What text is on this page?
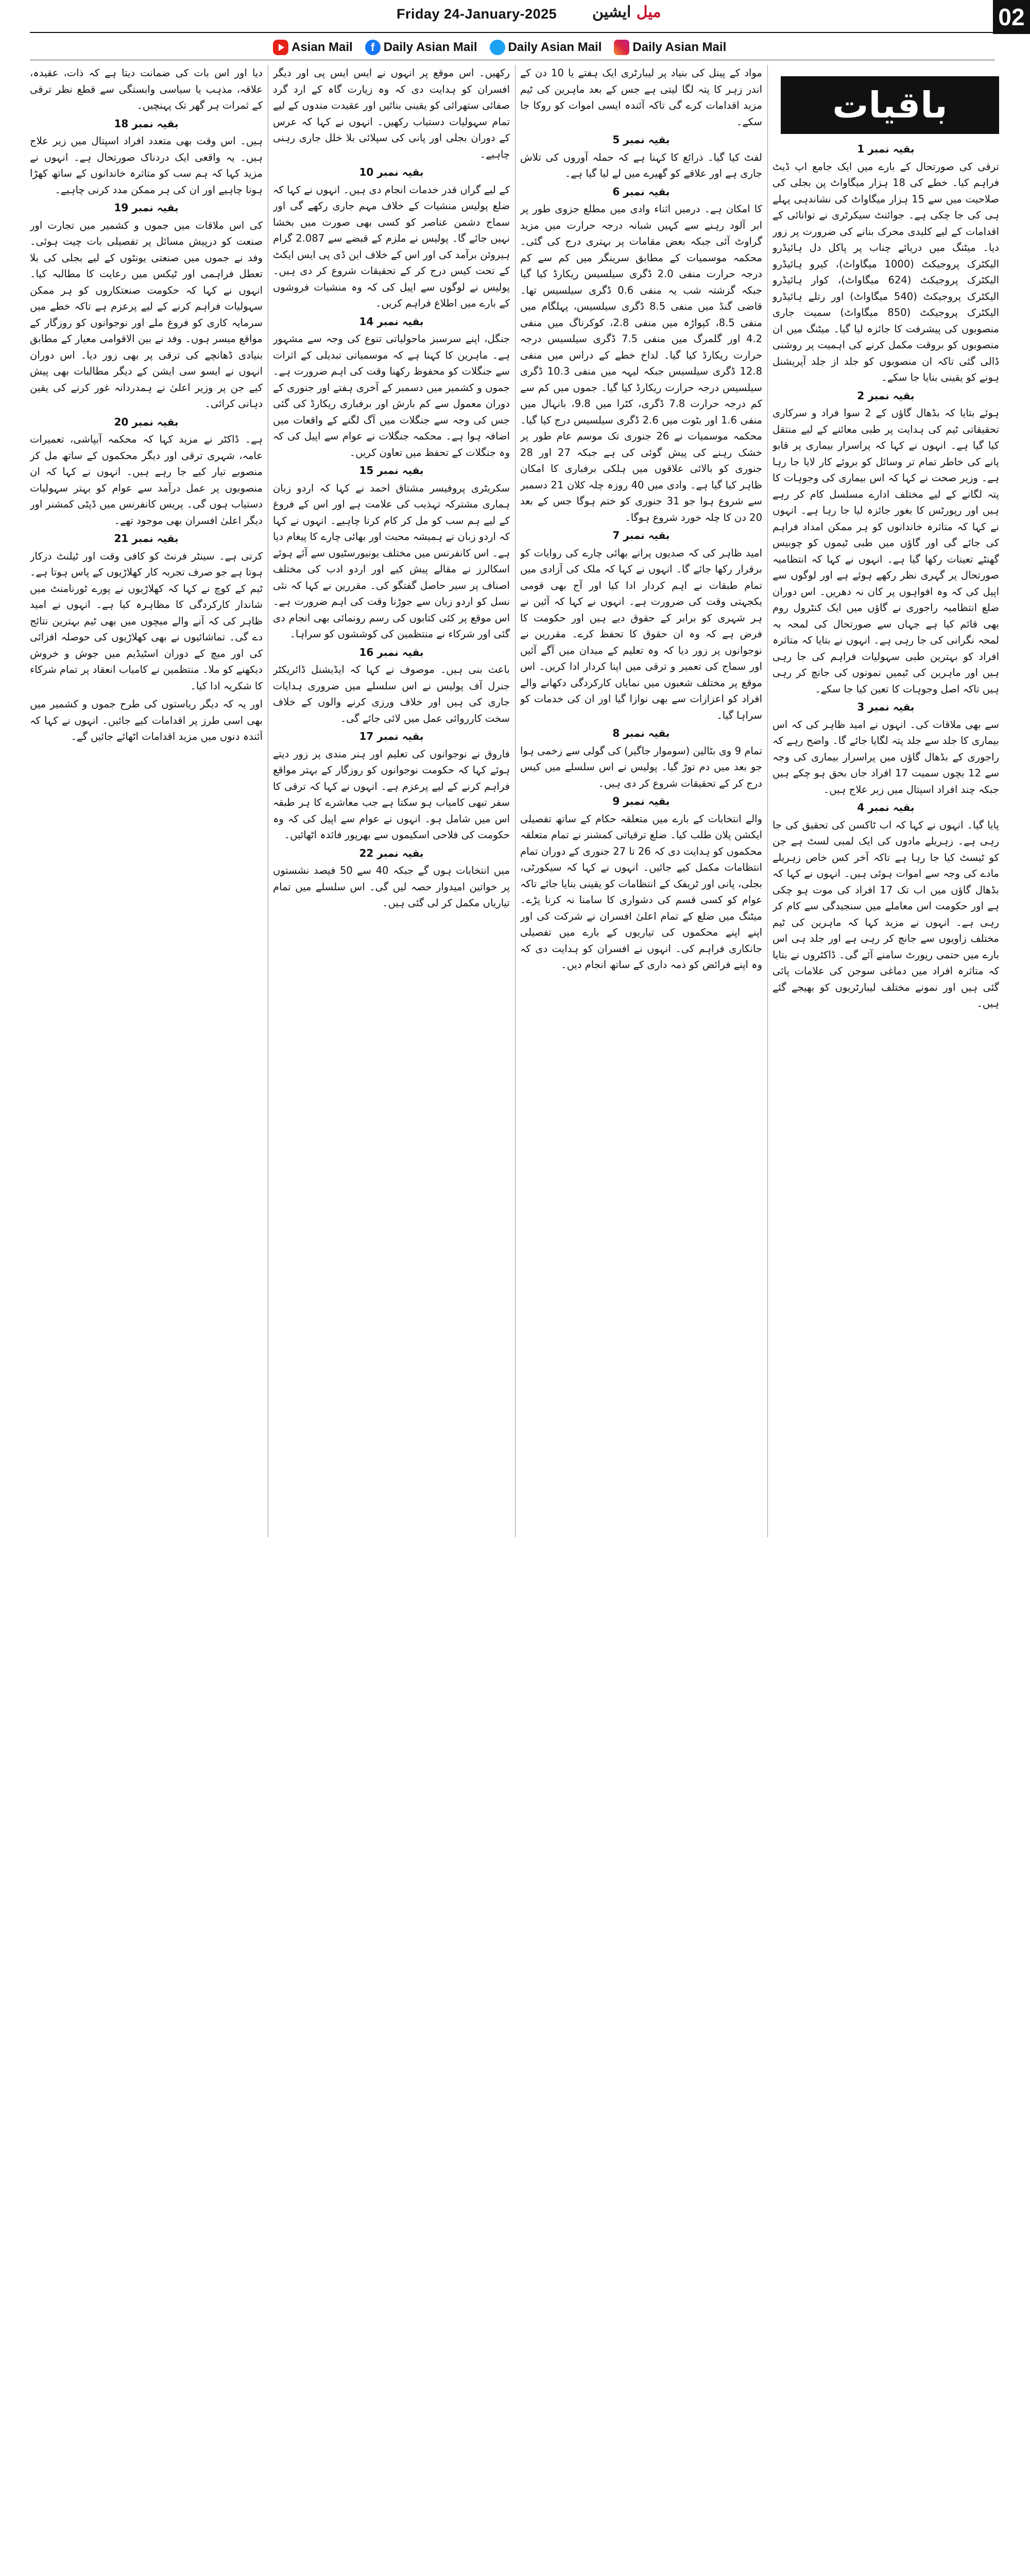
Friday 24-January-2025	میل ایشین	02
Asian Mail	f Daily Asian Mail	Daily Asian Mail	Daily Asian Mail
بقیہ نمبر 1

ترقی کی صورتحال کے بارے میں ایک جامع اپ ڈیٹ فراہم کیا۔ خطے کی 18 ہزار میگاواٹ پن بجلی کی صلاحیت میں سے 15 ہزار میگاواٹ کی نشاندہی پہلے ہی کی جا چکی ہے۔ جوائنٹ سیکرٹری نے توانائی کے اقدامات کے لیے کلیدی محرک بنانے کی ضرورت پر زور دیا۔ میٹنگ میں دریائے چناب پر پاکل دل ہائیڈرو الیکٹرک پروجیکٹ (1000 میگاواٹ)، کیرو ہائیڈرو الیکٹرک پروجیکٹ (624 میگاواٹ)، کوار ہائیڈرو الیکٹرک پروجیکٹ (540 میگاواٹ) اور رتلے ہائیڈرو الیکٹرک پروجیکٹ (850 میگاواٹ) سمیت جاری منصوبوں کی پیشرفت کا جائزہ لیا گیا۔ میٹنگ میں ان منصوبوں کو بروقت مکمل کرنے کی اہمیت پر روشنی ڈالی گئی تاکہ ان منصوبوں کو جلد از جلد آپریشنل ہونے کو یقینی بنایا جا سکے۔

بقیہ نمبر 2

ہوئے بتایا کہ بڈھال گاؤں کے 2 سوا فراد و سرکاری تحقیقاتی ٹیم کی ہدایت پر طبی معائنے کے لیے منتقل کیا گیا ہے۔ انہوں نے کہا کہ پراسرار بیماری پر قابو پانے کی خاطر تمام تر وسائل کو بروئے کار لایا جا رہا ہے۔ وزیر صحت نے کہا کہ اس بیماری کی وجوہات کا پتہ لگانے کے لیے مختلف ادارے مسلسل کام کر رہے ہیں اور رپورٹس کا بغور جائزہ لیا جا رہا ہے۔ انہوں نے کہا کہ متاثرہ خاندانوں کو ہر ممکن امداد فراہم کی جائے گی اور گاؤں میں طبی ٹیموں کو چوبیس گھنٹے تعینات رکھا گیا ہے۔ انہوں نے کہا کہ انتظامیہ صورتحال پر گہری نظر رکھے ہوئے ہے اور لوگوں سے اپیل کی کہ وہ افواہوں پر کان نہ دھریں۔ اس دوران ضلع انتظامیہ راجوری نے گاؤں میں ایک کنٹرول روم بھی قائم کیا ہے جہاں سے صورتحال کی لمحہ بہ لمحہ نگرانی کی جا رہی ہے۔ انہوں نے بتایا کہ متاثرہ افراد کو بہترین طبی سہولیات فراہم کی جا رہی ہیں اور ماہرین کی ٹیمیں نمونوں کی جانچ کر رہی ہیں تاکہ اصل وجوہات کا تعین کیا جا سکے۔

بقیہ نمبر 3

سے بھی ملاقات کی۔ انہوں نے امید ظاہر کی کہ اس بیماری کا جلد سے جلد پتہ لگایا جائے گا۔ واضح رہے کہ راجوری کے بڈھال گاؤں میں پراسرار بیماری کی وجہ سے 12 بچوں سمیت 17 افراد جاں بحق ہو چکے ہیں جبکہ چند افراد اسپتال میں زیر علاج ہیں۔

بقیہ نمبر 4

پایا گیا۔ انہوں نے کہا کہ اب ٹاکسن کی تحقیق کی جا رہی ہے۔ زہریلے مادوں کی ایک لمبی لسٹ ہے جن کو ٹیسٹ کیا جا رہا ہے تاکہ آخر کس خاص زہریلے مادے کی وجہ سے اموات ہوئی ہیں۔ انہوں نے کہا کہ بڈھال گاؤں میں اب تک 17 افراد کی موت ہو چکی ہے اور حکومت اس معاملے میں سنجیدگی سے کام کر رہی ہے۔ انہوں نے مزید کہا کہ ماہرین کی ٹیم مختلف زاویوں سے جانچ کر رہی ہے اور جلد ہی اس بارے میں حتمی رپورٹ سامنے آئے گی۔ ڈاکٹروں نے بتایا کہ متاثرہ افراد میں دماغی سوجن کی علامات پائی گئی ہیں اور نمونے مختلف لیبارٹریوں کو بھیجے گئے ہیں۔

مواد کے پینل کی بنیاد پر لیبارٹری ایک ہفتے یا 10 دن کے اندر زہر کا پتہ لگا لیتی ہے جس کے بعد ماہرین کی ٹیم مزید اقدامات کرے گی تاکہ آئندہ ایسی اموات کو روکا جا سکے۔

بقیہ نمبر 5

لفٹ کیا گیا۔ ذرائع کا کہنا ہے کہ حملہ آوروں کی تلاش جاری ہے اور علاقے کو گھیرے میں لے لیا گیا ہے۔

بقیہ نمبر 6

کا امکان ہے۔ درمیں اثناء وادی میں مطلع جزوی طور پر ابر آلود رہنے سے کہیں شبانہ درجہ حرارت میں مزید گراوٹ آئی جبکہ بعض مقامات پر بہتری درج کی گئی۔ محکمہ موسمیات کے مطابق سرینگر میں کم سے کم درجہ حرارت منفی 2.0 ڈگری سیلسیس ریکارڈ کیا گیا جبکہ گزشتہ شب یہ منفی 0.6 ڈگری سیلسیس تھا۔ قاضی گنڈ میں منفی 8.5 ڈگری سیلسیس، پہلگام میں منفی 8.5، کپواڑہ میں منفی 2.8، کوکرناگ میں منفی 4.2 اور گلمرگ میں منفی 7.5 ڈگری سیلسیس درجہ حرارت ریکارڈ کیا گیا۔ لداخ خطے کے دراس میں منفی 12.8 ڈگری سیلسیس جبکہ لیہہ میں منفی 10.3 ڈگری سیلسیس درجہ حرارت ریکارڈ کیا گیا۔ جموں میں کم سے کم درجہ حرارت 7.8 ڈگری، کٹرا میں 9.8، بانہال میں منفی 1.6 اور بٹوت میں 2.6 ڈگری سیلسیس درج کیا گیا۔ محکمہ موسمیات نے 26 جنوری تک موسم عام طور پر خشک رہنے کی پیش گوئی کی ہے جبکہ 27 اور 28 جنوری کو بالائی علاقوں میں ہلکی برفباری کا امکان ظاہر کیا گیا ہے۔ وادی میں 40 روزہ چلہ کلان 21 دسمبر سے شروع ہوا جو 31 جنوری کو ختم ہوگا جس کے بعد 20 دن کا چلہ خورد شروع ہوگا۔

بقیہ نمبر 7

امید ظاہر کی کہ صدیوں پرانے بھائی چارے کی روایات کو برقرار رکھا جائے گا۔ انہوں نے کہا کہ ملک کی آزادی میں تمام طبقات نے اہم کردار ادا کیا اور آج بھی قومی یکجہتی وقت کی ضرورت ہے۔ انہوں نے کہا کہ آئین نے ہر شہری کو برابر کے حقوق دیے ہیں اور حکومت کا فرض ہے کہ وہ ان حقوق کا تحفظ کرے۔ مقررین نے نوجوانوں پر زور دیا کہ وہ تعلیم کے میدان میں آگے آئیں اور سماج کی تعمیر و ترقی میں اپنا کردار ادا کریں۔ اس موقع پر مختلف شعبوں میں نمایاں کارکردگی دکھانے والے افراد کو اعزازات سے بھی نوازا گیا اور ان کی خدمات کو سراہا گیا۔

بقیہ نمبر 8

تمام 9 وی بٹالین (سوموار جاگیر) کی گولی سے زخمی ہوا جو بعد میں دم توڑ گیا۔ پولیس نے اس سلسلے میں کیس درج کر کے تحقیقات شروع کر دی ہیں۔

بقیہ نمبر 9

والے انتخابات کے بارے میں متعلقہ حکام کے ساتھ تفصیلی ایکشن پلان طلب کیا۔ ضلع ترقیاتی کمشنر نے تمام متعلقہ محکموں کو ہدایت دی کہ 26 تا 27 جنوری کے دوران تمام انتظامات مکمل کیے جائیں۔ انہوں نے کہا کہ سیکورٹی، بجلی، پانی اور ٹریفک کے انتظامات کو یقینی بنایا جائے تاکہ عوام کو کسی قسم کی دشواری کا سامنا نہ کرنا پڑے۔ میٹنگ میں ضلع کے تمام اعلیٰ افسران نے شرکت کی اور اپنے اپنے محکموں کی تیاریوں کے بارے میں تفصیلی جانکاری فراہم کی۔ انہوں نے افسران کو ہدایت دی کہ وہ اپنے فرائض کو ذمہ داری کے ساتھ انجام دیں۔

رکھیں۔ اس موقع پر انہوں نے ایس ایس پی اور دیگر افسران کو ہدایت دی کہ وہ زیارت گاہ کے ارد گرد صفائی ستھرائی کو یقینی بنائیں اور عقیدت مندوں کے لیے تمام سہولیات دستیاب رکھیں۔ انہوں نے کہا کہ عرس کے دوران بجلی اور پانی کی سپلائی بلا خلل جاری رہنی چاہیے۔

بقیہ نمبر 10

کے لیے گراں قدر خدمات انجام دی ہیں۔ انہوں نے کہا کہ ضلع پولیس منشیات کے خلاف مہم جاری رکھے گی اور سماج دشمن عناصر کو کسی بھی صورت میں بخشا نہیں جائے گا۔ پولیس نے ملزم کے قبضے سے 2.087 گرام ہیروئن برآمد کی اور اس کے خلاف این ڈی پی ایس ایکٹ کے تحت کیس درج کر کے تحقیقات شروع کر دی ہیں۔ پولیس نے لوگوں سے اپیل کی کہ وہ منشیات فروشوں کے بارے میں اطلاع فراہم کریں۔

بقیہ نمبر 14

جنگل، اپنے سرسبز ماحولیاتی تنوع کی وجہ سے مشہور ہے۔ ماہرین کا کہنا ہے کہ موسمیاتی تبدیلی کے اثرات سے جنگلات کو محفوظ رکھنا وقت کی اہم ضرورت ہے۔ جموں و کشمیر میں دسمبر کے آخری ہفتے اور جنوری کے دوران معمول سے کم بارش اور برفباری ریکارڈ کی گئی جس کی وجہ سے جنگلات میں آگ لگنے کے واقعات میں اضافہ ہوا ہے۔ محکمہ جنگلات نے عوام سے اپیل کی کہ وہ جنگلات کے تحفظ میں تعاون کریں۔

بقیہ نمبر 15

سکریٹری پروفیسر مشتاق احمد نے کہا کہ اردو زبان ہماری مشترکہ تہذیب کی علامت ہے اور اس کے فروغ کے لیے ہم سب کو مل کر کام کرنا چاہیے۔ انہوں نے کہا کہ اردو زبان نے ہمیشہ محبت اور بھائی چارے کا پیغام دیا ہے۔ اس کانفرنس میں مختلف یونیورسٹیوں سے آئے ہوئے اسکالرز نے مقالے پیش کیے اور اردو ادب کی مختلف اصناف پر سیر حاصل گفتگو کی۔ مقررین نے کہا کہ نئی نسل کو اردو زبان سے جوڑنا وقت کی اہم ضرورت ہے۔ اس موقع پر کئی کتابوں کی رسم رونمائی بھی انجام دی گئی اور شرکاء نے منتظمین کی کوششوں کو سراہا۔

بقیہ نمبر 16

باعث بنی ہیں۔ موصوف نے کہا کہ ایڈیشنل ڈائریکٹر جنرل آف پولیس نے اس سلسلے میں ضروری ہدایات جاری کی ہیں اور خلاف ورزی کرنے والوں کے خلاف سخت کارروائی عمل میں لائی جائے گی۔

بقیہ نمبر 17

فاروق نے نوجوانوں کی تعلیم اور ہنر مندی پر زور دیتے ہوئے کہا کہ حکومت نوجوانوں کو روزگار کے بہتر مواقع فراہم کرنے کے لیے پرعزم ہے۔ انہوں نے کہا کہ ترقی کا سفر تبھی کامیاب ہو سکتا ہے جب معاشرے کا ہر طبقہ اس میں شامل ہو۔ انہوں نے عوام سے اپیل کی کہ وہ حکومت کی فلاحی اسکیموں سے بھرپور فائدہ اٹھائیں۔

بقیہ نمبر 22

میں انتخابات ہوں گے جبکہ 40 سے 50 فیصد نشستوں پر خواتین امیدوار حصہ لیں گی۔ اس سلسلے میں تمام تیاریاں مکمل کر لی گئی ہیں۔

دیا اور اس بات کی ضمانت دیتا ہے کہ ذات، عقیدہ، علاقہ، مذہب یا سیاسی وابستگی سے قطع نظر ترقی کے ثمرات ہر گھر تک پہنچیں۔

بقیہ نمبر 18

ہیں۔ اس وقت بھی متعدد افراد اسپتال میں زیر علاج ہیں۔ یہ واقعی ایک دردناک صورتحال ہے۔ انہوں نے مزید کہا کہ ہم سب کو متاثرہ خاندانوں کے ساتھ کھڑا ہونا چاہیے اور ان کی ہر ممکن مدد کرنی چاہیے۔

بقیہ نمبر 19

کی اس ملاقات میں جموں و کشمیر میں تجارت اور صنعت کو درپیش مسائل پر تفصیلی بات چیت ہوئی۔ وفد نے جموں میں صنعتی یونٹوں کے لیے بجلی کی بلا تعطل فراہمی اور ٹیکس میں رعایت کا مطالبہ کیا۔ انہوں نے کہا کہ حکومت صنعتکاروں کو ہر ممکن سہولیات فراہم کرنے کے لیے پرعزم ہے تاکہ خطے میں سرمایہ کاری کو فروغ ملے اور نوجوانوں کو روزگار کے مواقع میسر ہوں۔ وفد نے بین الاقوامی معیار کے مطابق بنیادی ڈھانچے کی ترقی پر بھی زور دیا۔ اس دوران انہوں نے ایسو سی ایشن کے دیگر مطالبات بھی پیش کیے جن پر وزیر اعلیٰ نے ہمدردانہ غور کرنے کی یقین دہانی کرائی۔

بقیہ نمبر 20

ہے۔ ڈاکٹر نے مزید کہا کہ محکمہ آبپاشی، تعمیرات عامہ، شہری ترقی اور دیگر محکموں کے ساتھ مل کر منصوبے تیار کیے جا رہے ہیں۔ انہوں نے کہا کہ ان منصوبوں پر عمل درآمد سے عوام کو بہتر سہولیات دستیاب ہوں گی۔ پریس کانفرنس میں ڈپٹی کمشنر اور دیگر اعلیٰ افسران بھی موجود تھے۔

بقیہ نمبر 21

کرتی ہے۔ سینٹر فرنٹ کو کافی وقت اور ٹیلنٹ درکار ہوتا ہے جو صرف تجربہ کار کھلاڑیوں کے پاس ہوتا ہے۔ ٹیم کے کوچ نے کہا کہ کھلاڑیوں نے پورے ٹورنامنٹ میں شاندار کارکردگی کا مظاہرہ کیا ہے۔ انہوں نے امید ظاہر کی کہ آنے والے میچوں میں بھی ٹیم بہترین نتائج دے گی۔ تماشائیوں نے بھی کھلاڑیوں کی حوصلہ افزائی کی اور میچ کے دوران اسٹیڈیم میں جوش و خروش دیکھنے کو ملا۔ منتظمین نے کامیاب انعقاد پر تمام شرکاء کا شکریہ ادا کیا۔

اور یہ کہ دیگر ریاستوں کی طرح جموں و کشمیر میں بھی اسی طرز پر اقدامات کیے جائیں۔ انہوں نے کہا کہ آئندہ دنوں میں مزید اقدامات اٹھائے جائیں گے۔

باقیات
